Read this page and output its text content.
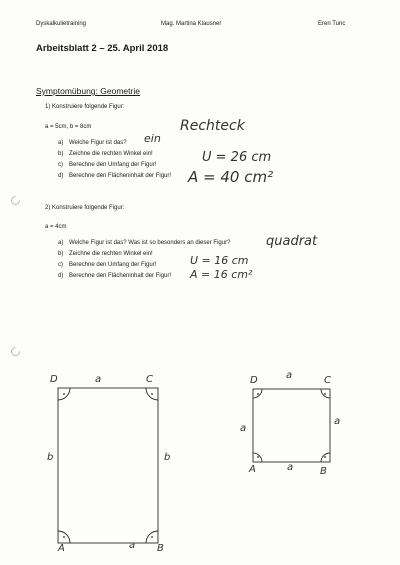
Dyskalkulietraining	Mag. Martina Klausner	Eren Tunc
Arbeitsblatt 2 – 25. April 2018
Symptomübung: Geometrie
1) Konstruiere folgende Figur:
a = 5cm, b = 8cm
a) Welche Figur ist das?
b) Zeichne die rechten Winkel ein!
c) Berechne den Umfang der Figur!
d) Berechne den Flächeninhalt der Figur!
ein
Rechteck
U = 26 cm
A = 40 cm²
2) Konstruiere folgende Figur:
a = 4cm
a) Welche Figur ist das? Was ist so besonders an dieser Figur?
b) Zeichne die rechten Winkel ein!
c) Berechne den Umfang der Figur!
d) Berechne den Flächeninhalt der Figur!
quadrat
U = 16 cm
A = 16 cm²
D	C
A	B
a
b	b
a
D	C
A	B
a
a
a
a
